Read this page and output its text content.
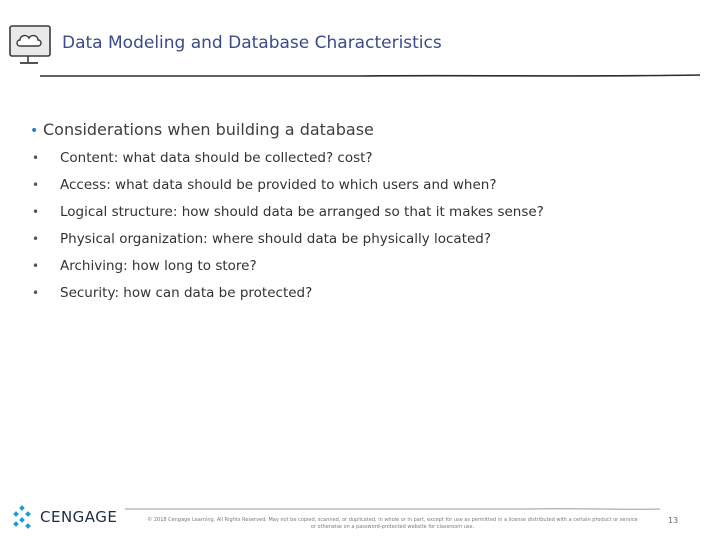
Data Modeling and Database Characteristics
• Considerations when building a database
•	Content: what data should be collected? cost?
•	Access: what data should be provided to which users and when?
•	Logical structure: how should data be arranged so that it makes sense?
•	Physical organization: where should data be physically located?
•	Archiving: how long to store?
•	Security: how can data be protected?
CENGAGE	© 2018 Cengage Learning. All Rights Reserved. May not be copied, scanned, or duplicated, in whole or in part, except for use as permitted in a license distributed with a certain product or service
or otherwise on a password-protected website for classroom use.
13
